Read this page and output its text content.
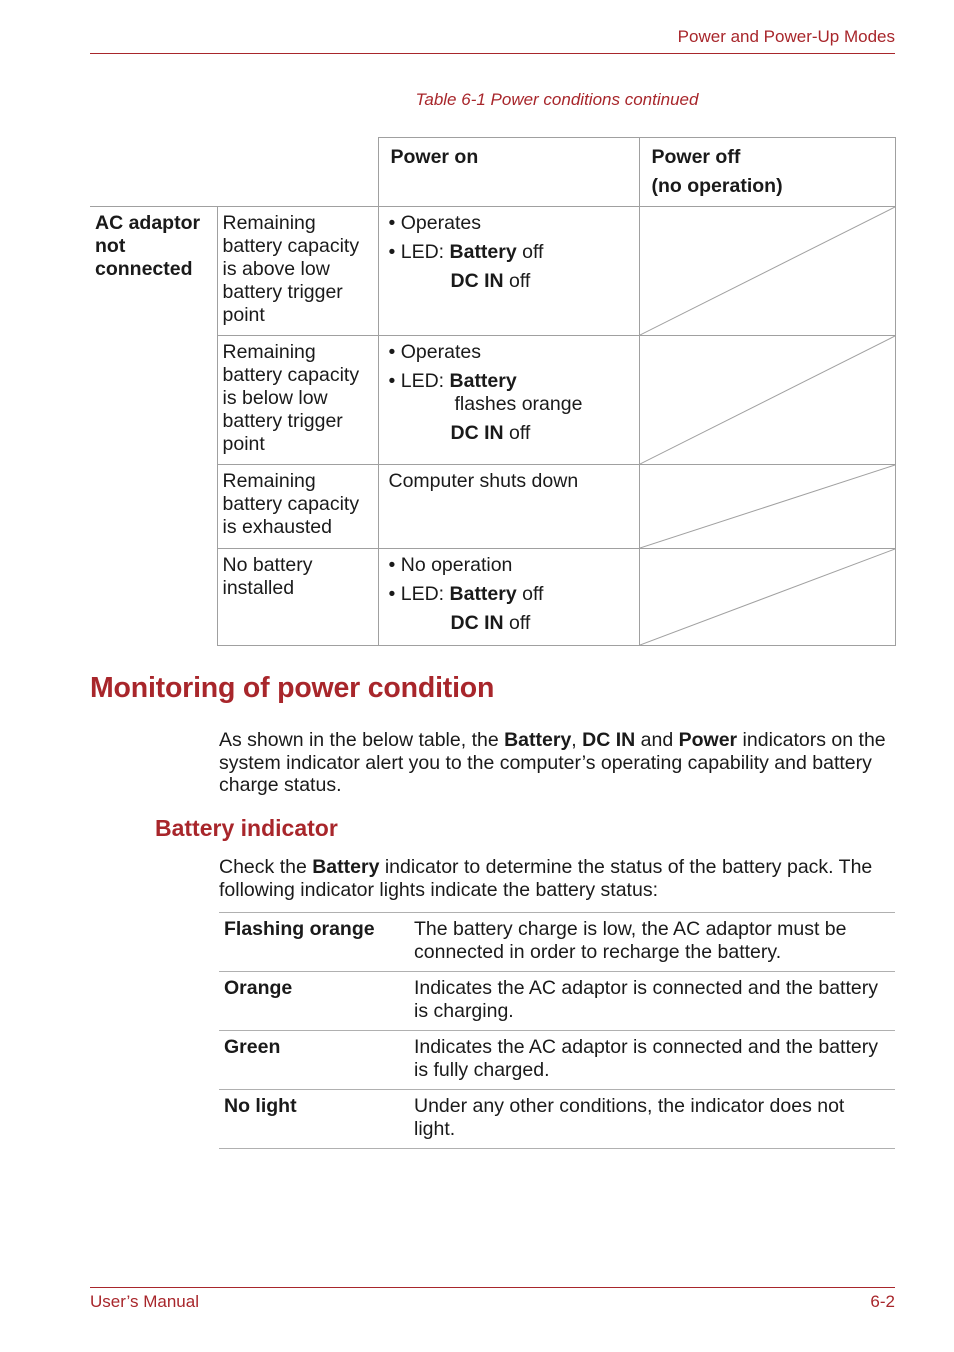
Power and Power-Up Modes
Table 6-1 Power conditions continued
		Power on	Power off
(no operation)

AC adaptor not connected	Remaining battery capacity is above low battery trigger point	• Operates
• LED: Battery off
DC IN off

	Remaining battery capacity is below low battery trigger point	• Operates
• LED: Battery
flashes orange
DC IN off

	Remaining battery capacity is exhausted	Computer shuts down

	No battery installed	• No operation
• LED: Battery off
DC IN off

Monitoring of power condition

As shown in the below table, the Battery, DC IN and Power indicators on the system indicator alert you to the computer’s operating capability and battery charge status.

Battery indicator

Check the Battery indicator to determine the status of the battery pack. The following indicator lights indicate the battery status:

Flashing orange	The battery charge is low, the AC adaptor must be connected in order to recharge the battery.
Orange	Indicates the AC adaptor is connected and the battery is charging.
Green	Indicates the AC adaptor is connected and the battery is fully charged.
No light	Under any other conditions, the indicator does not light.
User’s Manual	6-2
